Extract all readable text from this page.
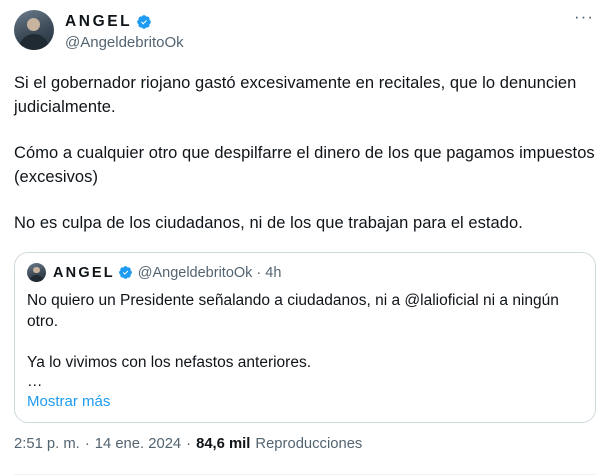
ANGEL
@AngeldebritoOk
···

Si el gobernador riojano gastó excesivamente en recitales, que lo denuncien judicialmente.

Cómo a cualquier otro que despilfarre el dinero de los que pagamos impuestos (excesivos)

No es culpa de los ciudadanos, ni de los que trabajan para el estado.

ANGEL @AngeldebritoOk · 4h

No quiero un Presidente señalando a ciudadanos, ni a @lalioficial ni a ningún otro.

Ya lo vivimos con los nefastos anteriores.

…
Mostrar más
2:51 p. m. · 14 ene. 2024 · 84,6 mil Reproducciones
